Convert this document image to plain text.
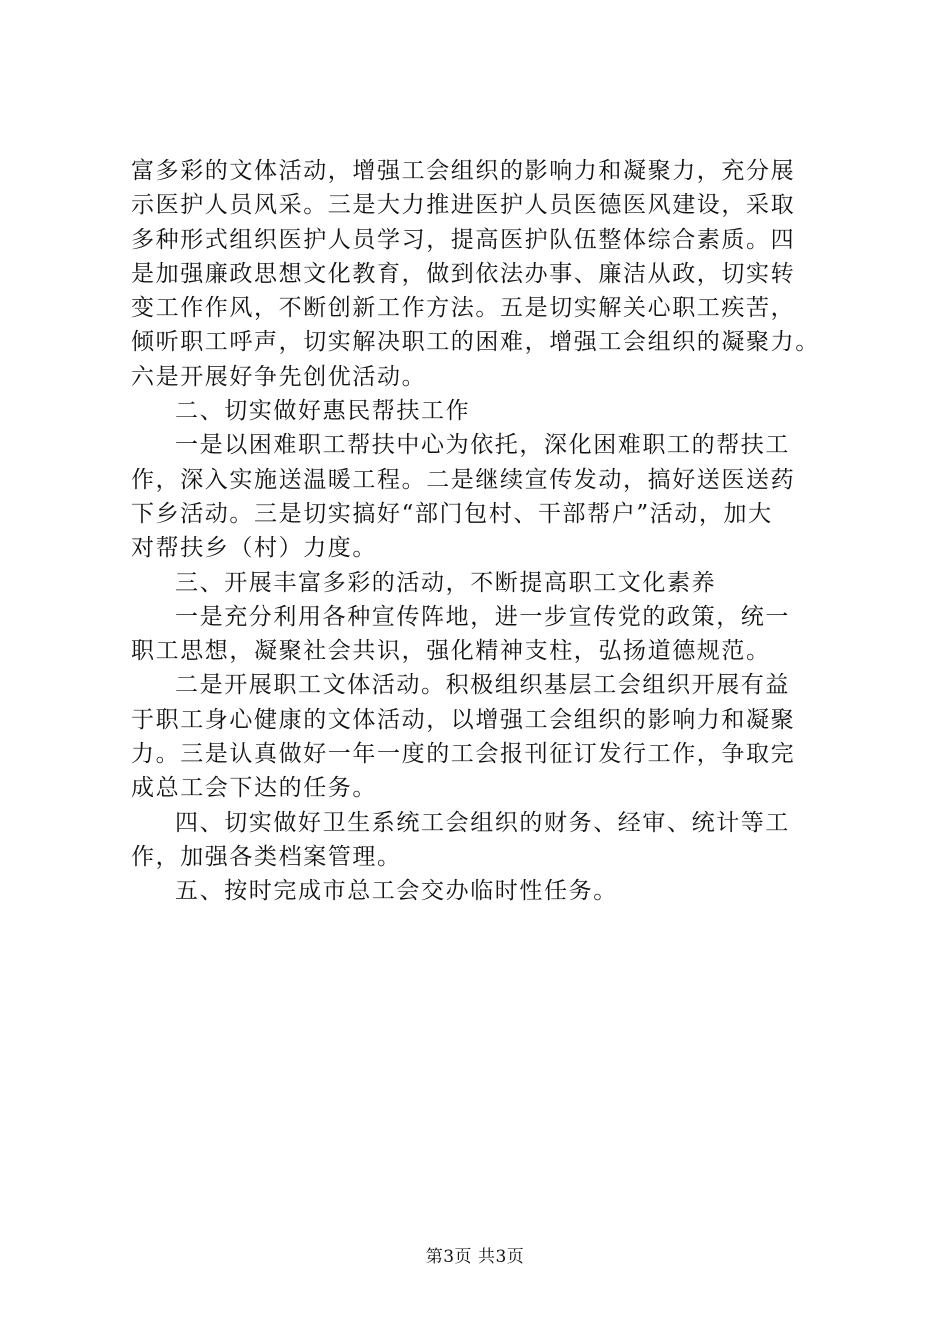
富多彩的文体活动，增强工会组织的影响力和凝聚力，充分展
示医护人员风采。三是大力推进医护人员医德医风建设，采取
多种形式组织医护人员学习，提高医护队伍整体综合素质。四
是加强廉政思想文化教育，做到依法办事、廉洁从政，切实转
变工作作风，不断创新工作方法。五是切实解关心职工疾苦，
倾听职工呼声，切实解决职工的困难，增强工会组织的凝聚力。
六是开展好争先创优活动。
二、切实做好惠民帮扶工作
一是以困难职工帮扶中心为依托，深化困难职工的帮扶工
作，深入实施送温暖工程。二是继续宣传发动，搞好送医送药
下乡活动。三是切实搞好“部门包村、干部帮户”活动，加大
对帮扶乡（村）力度。
三、开展丰富多彩的活动，不断提高职工文化素养
一是充分利用各种宣传阵地，进一步宣传党的政策，统一
职工思想，凝聚社会共识，强化精神支柱，弘扬道德规范。
二是开展职工文体活动。积极组织基层工会组织开展有益
于职工身心健康的文体活动，以增强工会组织的影响力和凝聚
力。三是认真做好一年一度的工会报刊征订发行工作，争取完
成总工会下达的任务。
四、切实做好卫生系统工会组织的财务、经审、统计等工
作，加强各类档案管理。
五、按时完成市总工会交办临时性任务。
第3页 共3页
